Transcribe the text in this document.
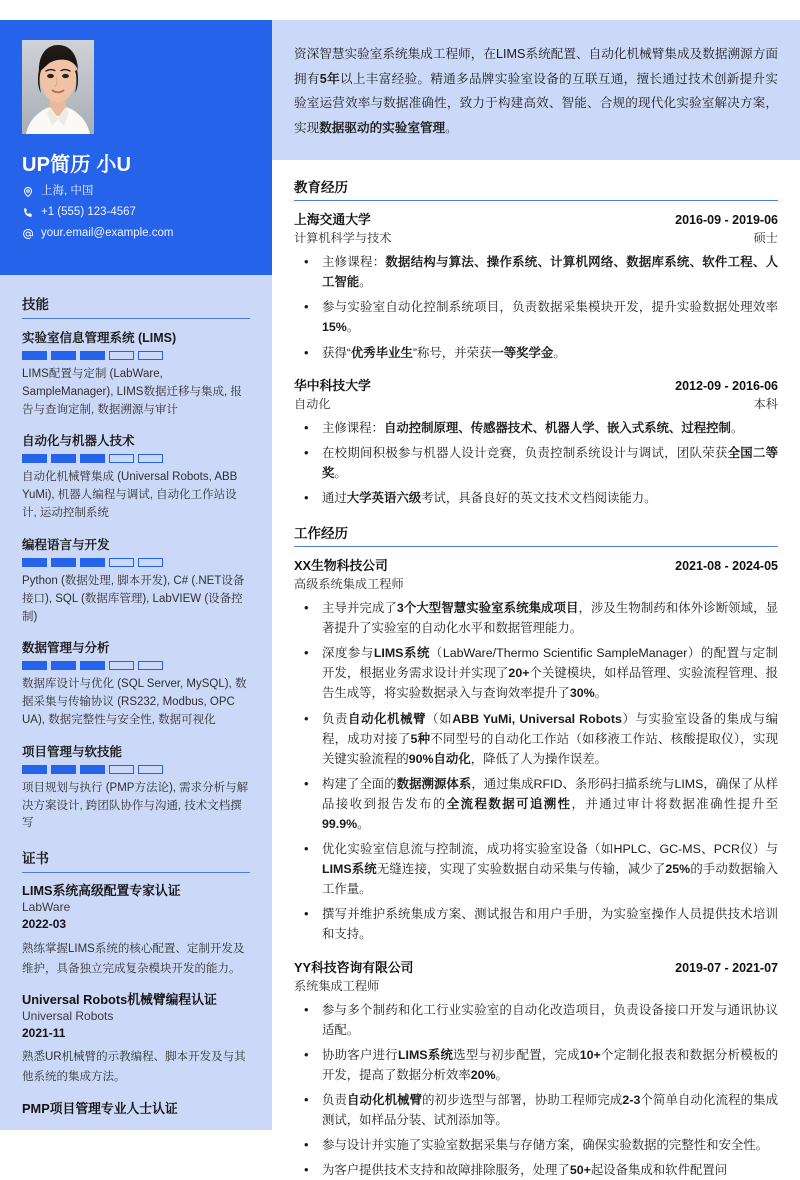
UP简历 小U
上海, 中国
+1 (555) 123-4567
your.email@example.com
技能
实验室信息管理系统 (LIMS)
LIMS配置与定制 (LabWare, SampleManager), LIMS数据迁移与集成, 报告与查询定制, 数据溯源与审计
自动化与机器人技术
自动化机械臂集成 (Universal Robots, ABB YuMi), 机器人编程与调试, 自动化工作站设计, 运动控制系统
编程语言与开发
Python (数据处理, 脚本开发), C# (.NET设备接口), SQL (数据库管理), LabVIEW (设备控制)
数据管理与分析
数据库设计与优化 (SQL Server, MySQL), 数据采集与传输协议 (RS232, Modbus, OPC UA), 数据完整性与安全性, 数据可视化
项目管理与软技能
项目规划与执行 (PMP方法论), 需求分析与解决方案设计, 跨团队协作与沟通, 技术文档撰写
证书
LIMS系统高级配置专家认证
LabWare
2022-03
熟练掌握LIMS系统的核心配置、定制开发及维护，具备独立完成复杂模块开发的能力。
Universal Robots机械臂编程认证
Universal Robots
2021-11
熟悉UR机械臂的示教编程、脚本开发及与其他系统的集成方法。
PMP项目管理专业人士认证
资深智慧实验室系统集成工程师，在LIMS系统配置、自动化机械臂集成及数据溯源方面拥有5年以上丰富经验。精通多品牌实验室设备的互联互通，擅长通过技术创新提升实验室运营效率与数据准确性，致力于构建高效、智能、合规的现代化实验室解决方案，实现数据驱动的实验室管理。
教育经历
上海交通大学	2016-09 - 2019-06
计算机科学与技术	硕士
• 主修课程：数据结构与算法、操作系统、计算机网络、数据库系统、软件工程、人工智能。
• 参与实验室自动化控制系统项目，负责数据采集模块开发，提升实验数据处理效率15%。
• 获得“优秀毕业生”称号，并荣获一等奖学金。
华中科技大学	2012-09 - 2016-06
自动化	本科
• 主修课程：自动控制原理、传感器技术、机器人学、嵌入式系统、过程控制。
• 在校期间积极参与机器人设计竞赛，负责控制系统设计与调试，团队荣获全国二等奖。
• 通过大学英语六级考试，具备良好的英文技术文档阅读能力。
工作经历
XX生物科技公司	2021-08 - 2024-05
高级系统集成工程师
• 主导并完成了3个大型智慧实验室系统集成项目，涉及生物制药和体外诊断领域，显著提升了实验室的自动化水平和数据管理能力。
• 深度参与LIMS系统（LabWare/Thermo Scientific SampleManager）的配置与定制开发，根据业务需求设计并实现了20+个关键模块，如样品管理、实验流程管理、报告生成等，将实验数据录入与查询效率提升了30%。
• 负责自动化机械臂（如ABB YuMi, Universal Robots）与实验室设备的集成与编程，成功对接了5种不同型号的自动化工作站（如移液工作站、核酸提取仪），实现关键实验流程的90%自动化，降低了人为操作误差。
• 构建了全面的数据溯源体系，通过集成RFID、条形码扫描系统与LIMS，确保了从样品接收到报告发布的全流程数据可追溯性，并通过审计将数据准确性提升至99.9%。
• 优化实验室信息流与控制流，成功将实验室设备（如HPLC、GC-MS、PCR仪）与LIMS系统无缝连接，实现了实验数据自动采集与传输，减少了25%的手动数据输入工作量。
• 撰写并维护系统集成方案、测试报告和用户手册，为实验室操作人员提供技术培训和支持。
YY科技咨询有限公司	2019-07 - 2021-07
系统集成工程师
• 参与多个制药和化工行业实验室的自动化改造项目，负责设备接口开发与通讯协议适配。
• 协助客户进行LIMS系统选型与初步配置，完成10+个定制化报表和数据分析模板的开发，提高了数据分析效率20%。
• 负责自动化机械臂的初步选型与部署，协助工程师完成2-3个简单自动化流程的集成测试，如样品分装、试剂添加等。
• 参与设计并实施了实验室数据采集与存储方案，确保实验数据的完整性和安全性。
• 为客户提供技术支持和故障排除服务，处理了50+起设备集成和软件配置问
